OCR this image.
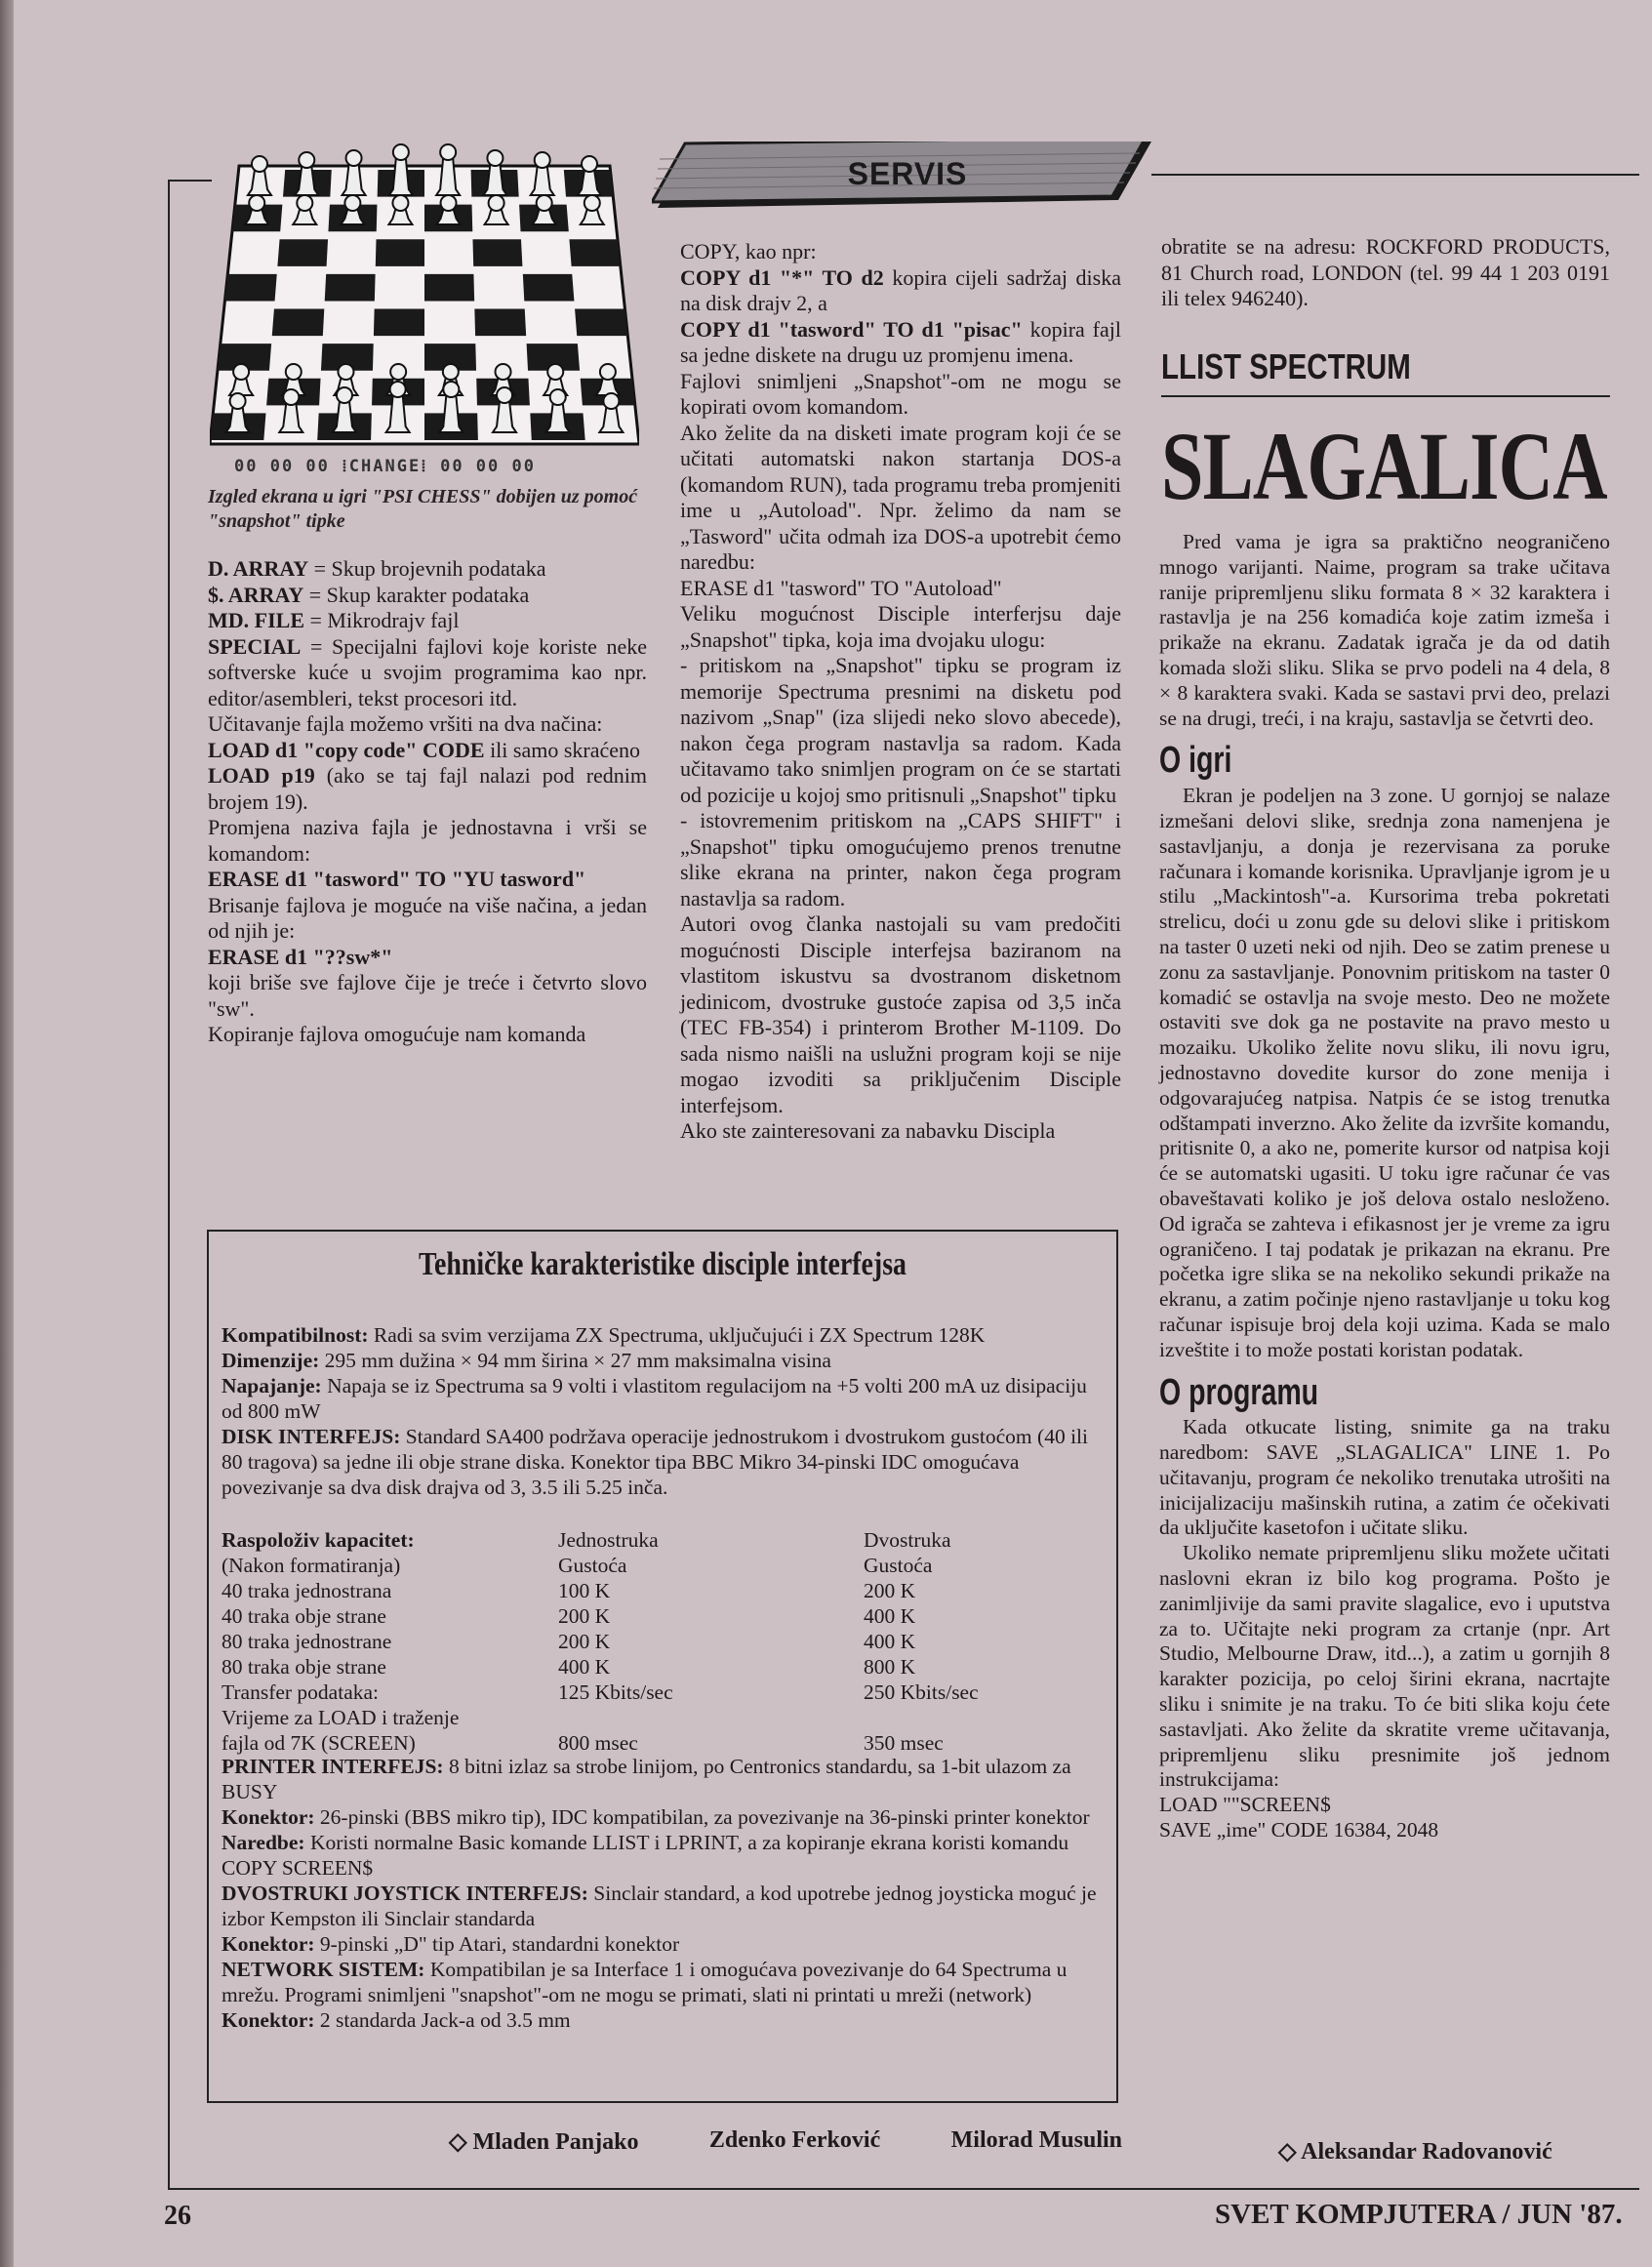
00 00 00 ⁞CHANGE⁞ 00 00 00
Izgled ekrana u igri "PSI CHESS" dobijen uz pomoć "snapshot" tipke
SERVIS

D. ARRAY = Skup brojevnih podataka

$. ARRAY = Skup karakter podataka

MD. FILE = Mikrodrajv fajl

SPECIAL = Specijalni fajlovi koje koriste neke softverske kuće u svojim programima kao npr. editor/asembleri, tekst procesori itd.

Učitavanje fajla možemo vršiti na dva načina:

LOAD d1 "copy code" CODE ili samo skraćeno

LOAD p19 (ako se taj fajl nalazi pod rednim brojem 19).

Promjena naziva fajla je jednostavna i vrši se komandom:

ERASE d1 "tasword" TO "YU tasword"

Brisanje fajlova je moguće na više načina, a jedan od njih je:

ERASE d1 "??sw*"

koji briše sve fajlove čije je treće i četvrto slovo "sw".

Kopiranje fajlova omogućuje nam komanda

COPY, kao npr:

COPY d1 "*" TO d2 kopira cijeli sadržaj diska na disk drajv 2, a

COPY d1 "tasword" TO d1 "pisac" kopira fajl sa jedne diskete na drugu uz promjenu imena.

Fajlovi snimljeni „Snapshot"-om ne mogu se kopirati ovom komandom.

Ako želite da na disketi imate program koji će se učitati automatski nakon startanja DOS-a (komandom RUN), tada programu treba promjeniti ime u „Autoload". Npr. želimo da nam se „Tasword" učita odmah iza DOS-a upotrebit ćemo naredbu:

ERASE d1 "tasword" TO "Autoload"

Veliku mogućnost Disciple interferjsu daje „Snapshot" tipka, koja ima dvojaku ulogu:

- pritiskom na „Snapshot" tipku se program iz memorije Spectruma presnimi na disketu pod nazivom „Snap" (iza slijedi neko slovo abecede), nakon čega program nastavlja sa radom. Kada učitavamo tako snimljen program on će se startati od pozicije u kojoj smo pritisnuli „Snapshot" tipku

- istovremenim pritiskom na „CAPS SHIFT" i „Snapshot" tipku omogućujemo prenos trenutne slike ekrana na printer, nakon čega program nastavlja sa radom.

Autori ovog članka nastojali su vam predočiti mogućnosti Disciple interfejsa baziranom na vlastitom iskustvu sa dvostranom disketnom jedinicom, dvostruke gustoće zapisa od 3,5 inča (TEC FB-354) i printerom Brother M-1109. Do sada nismo naišli na uslužni program koji se nije mogao izvoditi sa priključenim Disciple interfejsom.

Ako ste zainteresovani za nabavku Discipla

obratite se na adresu: ROCKFORD PRODUCTS, 81 Church road, LONDON (tel. 99 44 1 203 0191 ili telex 946240).

LLIST SPECTRUM
SLAGALICA

Pred vama je igra sa praktično neograničeno mnogo varijanti. Naime, program sa trake učitava ranije pripremljenu sliku formata 8 × 32 karaktera i rastavlja je na 256 komadića koje zatim izmeša i prikaže na ekranu. Zadatak igrača je da od datih komada složi sliku. Slika se prvo podeli na 4 dela, 8 × 8 karaktera svaki. Kada se sastavi prvi deo, prelazi se na drugi, treći, i na kraju, sastavlja se četvrti deo.

O igri

Ekran je podeljen na 3 zone. U gornjoj se nalaze izmešani delovi slike, srednja zona namenjena je sastavljanju, a donja je rezervisana za poruke računara i komande korisnika. Upravljanje igrom je u stilu „Mackintosh"-a. Kursorima treba pokretati strelicu, doći u zonu gde su delovi slike i pritiskom na taster 0 uzeti neki od njih. Deo se zatim prenese u zonu za sastavljanje. Ponovnim pritiskom na taster 0 komadić se ostavlja na svoje mesto. Deo ne možete ostaviti sve dok ga ne postavite na pravo mesto u mozaiku. Ukoliko želite novu sliku, ili novu igru, jednostavno dovedite kursor do zone menija i odgovarajućeg natpisa. Natpis će se istog trenutka odštampati inverzno. Ako želite da izvršite komandu, pritisnite 0, a ako ne, pomerite kursor od natpisa koji će se automatski ugasiti. U toku igre računar će vas obaveštavati koliko je još delova ostalo nesloženo. Od igrača se zahteva i efikasnost jer je vreme za igru ograničeno. I taj podatak je prikazan na ekranu. Pre početka igre slika se na nekoliko sekundi prikaže na ekranu, a zatim počinje njeno rastavljanje u toku kog računar ispisuje broj dela koji uzima. Kada se malo izveštite i to može postati koristan podatak.

O programu

Kada otkucate listing, snimite ga na traku naredbom: SAVE „SLAGALICA" LINE 1. Po učitavanju, program će nekoliko trenutaka utrošiti na inicijalizaciju mašinskih rutina, a zatim će očekivati da uključite kasetofon i učitate sliku.

Ukoliko nemate pripremljenu sliku možete učitati naslovni ekran iz bilo kog programa. Pošto je zanimljivije da sami pravite slagalice, evo i uputstva za to. Učitajte neki program za crtanje (npr. Art Studio, Melbourne Draw, itd...), a zatim u gornjih 8 karakter pozicija, po celoj širini ekrana, nacrtajte sliku i snimite je na traku. To će biti slika koju ćete sastavljati. Ako želite da skratite vreme učitavanja, pripremljenu sliku presnimite još jednom instrukcijama:

LOAD ""SCREEN$

SAVE „ime" CODE 16384, 2048

Tehničke karakteristike disciple interfejsa

Kompatibilnost: Radi sa svim verzijama ZX Spectruma, uključujući i ZX Spectrum 128K

Dimenzije: 295 mm dužina × 94 mm širina × 27 mm maksimalna visina

Napajanje: Napaja se iz Spectruma sa 9 volti i vlastitom regulacijom na +5 volti 200 mA uz disipaciju od 800 mW

DISK INTERFEJS: Standard SA400 podržava operacije jednostrukom i dvostrukom gustoćom (40 ili 80 tragova) sa jedne ili obje strane diska. Konektor tipa BBC Mikro 34-pinski IDC omogućava povezivanje sa dva disk drajva od 3, 3.5 ili 5.25 inča.

Raspoloživ kapacitet:	Jednostruka	Dvostruka
(Nakon formatiranja)	Gustoća	Gustoća
40 traka jednostrana	100 K	200 K
40 traka obje strane	200 K	400 K
80 traka jednostrane	200 K	400 K
80 traka obje strane	400 K	800 K
Transfer podataka:	125 Kbits/sec	250 Kbits/sec
Vrijeme za LOAD i traženje		
fajla od 7K (SCREEN)	800 msec	350 msec

PRINTER INTERFEJS: 8 bitni izlaz sa strobe linijom, po Centronics standardu, sa 1-bit ulazom za BUSY

Konektor: 26-pinski (BBS mikro tip), IDC kompatibilan, za povezivanje na 36-pinski printer konektor

Naredbe: Koristi normalne Basic komande LLIST i LPRINT, a za kopiranje ekrana koristi komandu COPY SCREEN$

DVOSTRUKI JOYSTICK INTERFEJS: Sinclair standard, a kod upotrebe jednog joysticka moguć je izbor Kempston ili Sinclair standarda

Konektor: 9-pinski „D" tip Atari, standardni konektor

NETWORK SISTEM: Kompatibilan je sa Interface 1 i omogućava povezivanje do 64 Spectruma u mrežu. Programi snimljeni "snapshot"-om ne mogu se primati, slati ni printati u mreži (network)

Konektor: 2 standarda Jack-a od 3.5 mm

◇ Mladen Panjako	Zdenko Ferković	Milorad Musulin	◇ Aleksandar Radovanović
26	SVET KOMPJUTERA / JUN '87.
